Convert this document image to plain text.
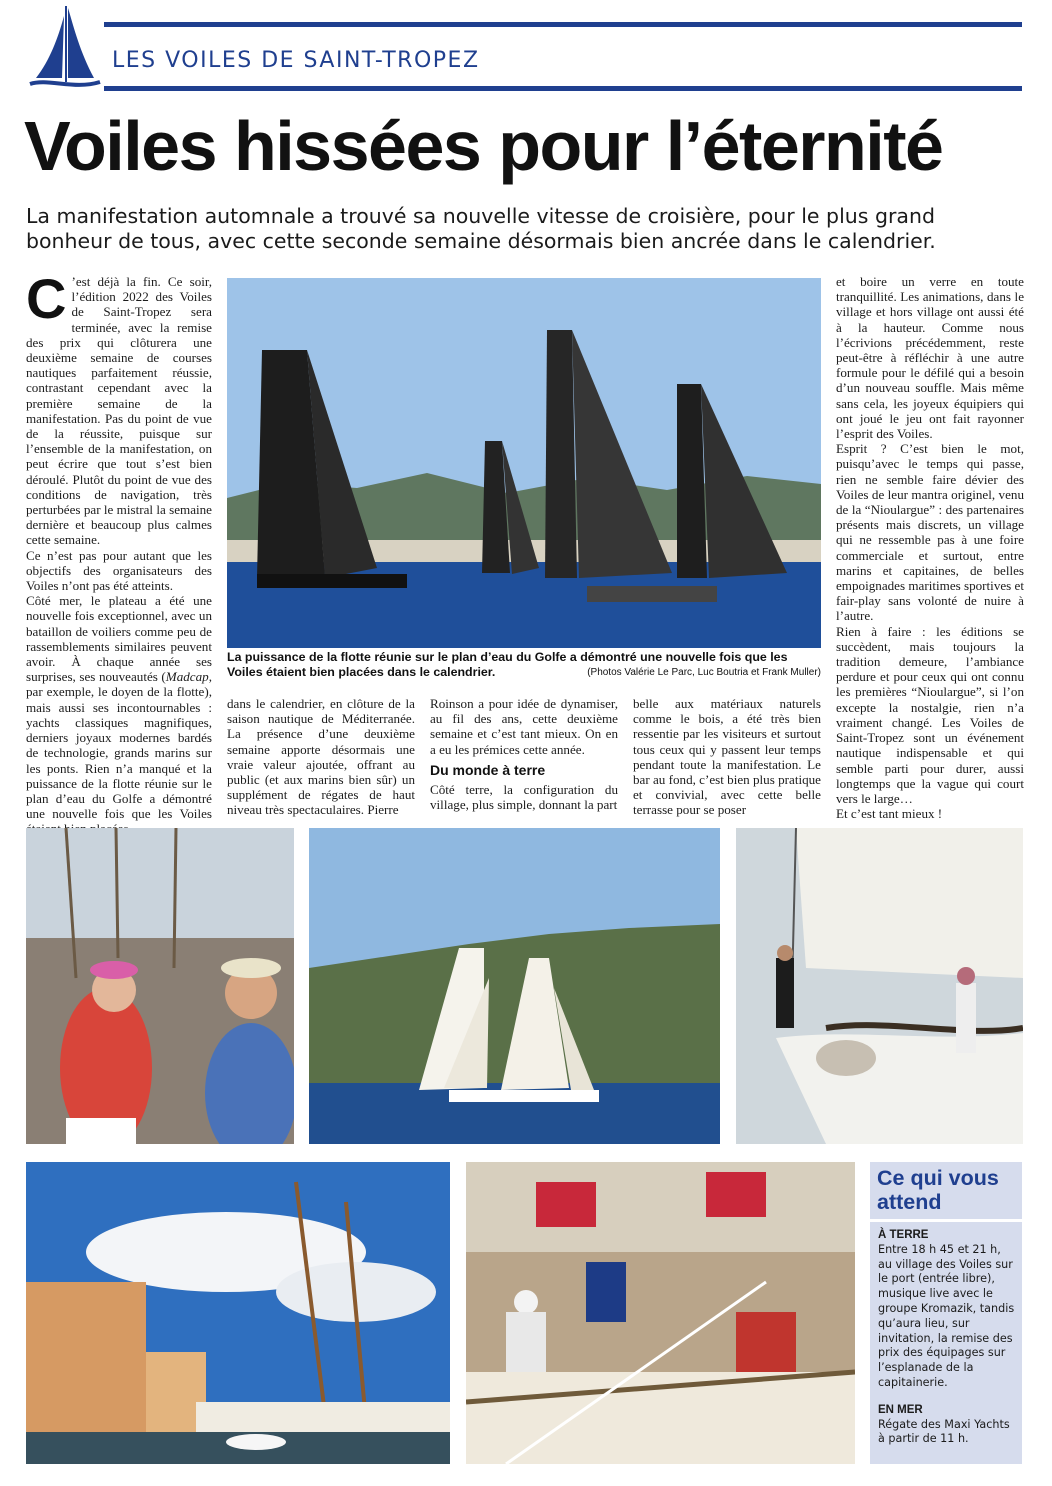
LES VOILES DE SAINT-TROPEZ
Voiles hissées pour l’éternité
La manifestation automnale a trouvé sa nouvelle vitesse de croisière, pour le plus grand bonheur de tous, avec cette seconde semaine désormais bien ancrée dans le calendrier.
C ’est déjà la fin. Ce soir, l’édition 2022 des Voiles de Saint-Tropez sera terminée, avec la remise des prix qui clôturera une deuxième semaine de courses nautiques parfaitement réussie, contrastant cependant avec la première semaine de la manifestation. Pas du point de vue de la réussite, puisque sur l’ensemble de la manifestation, on peut écrire que tout s’est bien déroulé. Plutôt du point de vue des conditions de navigation, très perturbées par le mistral la semaine dernière et beaucoup plus calmes cette semaine.

Ce n’est pas pour autant que les objectifs des organisateurs des Voiles n’ont pas été atteints.

Côté mer, le plateau a été une nouvelle fois exceptionnel, avec un bataillon de voiliers comme peu de rassemblements similaires peuvent avoir. À chaque année ses surprises, ses nouveautés (Madcap, par exemple, le doyen de la flotte), mais aussi ses incontournables : yachts classiques magnifiques, derniers joyaux modernes bardés de technologie, grands marins sur les ponts. Rien n’a manqué et la puissance de la flotte réunie sur le plan d’eau du Golfe a démontré une nouvelle fois que les Voiles

La puissance de la flotte réunie sur le plan d’eau du Golfe a démontré une nouvelle fois que les Voiles étaient bien placées dans le calendrier.	(Photos Valérie Le Parc, Luc Boutria et Frank Muller)

dans le calendrier, en clôture de la saison nautique de Méditerranée. La présence d’une deuxième semaine apporte désormais une vraie valeur ajoutée, offrant au public (et aux marins bien sûr) un supplément de régates de haut niveau très spectaculaires. Pierre

Roinson a pour idée de dynamiser, au fil des ans, cette deuxième semaine et c’est tant mieux. On en a eu les prémices cette année.

Du monde à terre

Côté terre, la configuration du village, plus simple, donnant la part

belle aux matériaux naturels comme le bois, a été très bien ressentie par les visiteurs et surtout tous ceux qui y passent leur temps pendant toute la manifestation. Le bar au fond, c’est bien plus pratique et convivial, avec cette belle terrasse pour se poser

et boire un verre en toute tranquillité. Les animations, dans le village et hors village ont aussi été à la hauteur. Comme nous l’écrivions précédemment, reste peut-être à réfléchir à une autre formule pour le défilé qui a besoin d’un nouveau souffle. Mais même sans cela, les joyeux équipiers qui ont joué le jeu ont fait rayonner l’esprit des Voiles.

Esprit ? C’est bien le mot, puisqu’avec le temps qui passe, rien ne semble faire dévier des Voiles de leur mantra originel, venu de la “Nioulargue” : des partenaires présents mais discrets, un village qui ne ressemble pas à une foire commerciale et surtout, entre marins et capitaines, de belles empoignades maritimes sportives et fair-play sans volonté de nuire à l’autre.

Rien à faire : les éditions se succèdent, mais toujours la tradition demeure, l’ambiance perdure et pour ceux qui ont connu les premières “Nioulargue”, si l’on excepte la nostalgie, rien n’a vraiment changé. Les Voiles de Saint-Tropez sont un événement nautique indispensable et qui semble parti pour durer, aussi longtemps que la vague qui court vers le large…

Et c’est tant mieux !

Ce qui vous attend
À TERRE
Entre 18 h 45 et 21 h, au village des Voiles sur le port (entrée libre), musique live avec le groupe Kromazik, tandis qu’aura lieu, sur invitation, la remise des prix des équipages sur l’esplanade de la capitainerie.
EN MER
Régate des Maxi Yachts à partir de 11 h.
